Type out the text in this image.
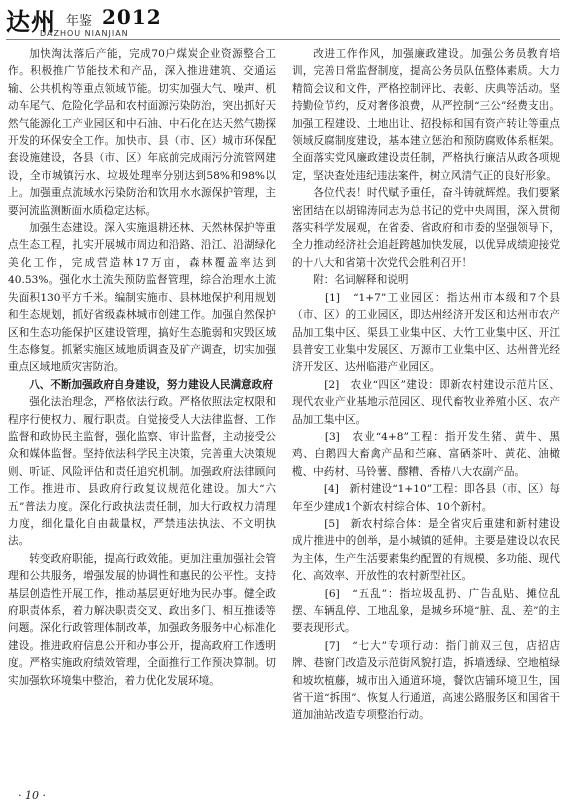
达州 年鉴 2012
DAZHOU NIANJIAN

加快淘汰落后产能，完成70户煤炭企业资源整合工作。积极推广节能技术和产品，深入推进建筑、交通运输、公共机构等重点领域节能。切实加强大气、噪声、机动车尾气、危险化学品和农村面源污染防治，突出抓好天然气能源化工产业园区和中石油、中石化在达天然气勘探开发的环保安全工作。加快市、县（市、区）城市环保配套设施建设，各县（市、区）年底前完成雨污分流管网建设，全市城镇污水、垃圾处理率分别达到58%和98%以上。加强重点流域水污染防治和饮用水水源保护管理，主要河流监测断面水质稳定达标。

加强生态建设。深入实施退耕还林、天然林保护等重点生态工程，扎实开展城市周边和沿路、沿江、沿湖绿化美化工作，完成营造林17万亩，森林覆盖率达到40.53%。强化水土流失预防监督管理，综合治理水土流失面积130平方千米。编制实施市、县林地保护利用规划和生态规划，抓好省级森林城市创建工作。加强自然保护区和生态功能保护区建设管理，搞好生态脆弱和灾毁区域生态修复。抓紧实施区域地质调查及矿产调查，切实加强重点区域地质灾害防治。

八、不断加强政府自身建设，努力建设人民满意政府

强化法治理念，严格依法行政。严格依照法定权限和程序行使权力、履行职责。自觉接受人大法律监督、工作监督和政协民主监督，强化监察、审计监督，主动接受公众和媒体监督。坚持依法科学民主决策，完善重大决策规则、听证、风险评估和责任追究机制。加强政府法律顾问工作。推进市、县政府行政复议规范化建设。加大“六五”普法力度。深化行政执法责任制，加大行政权力清理力度，细化量化自由裁量权，严禁违法执法、不文明执法。

转变政府职能，提高行政效能。更加注重加强社会管理和公共服务，增强发展的协调性和惠民的公平性。支持基层创造性开展工作，推动基层更好地为民办事。健全政府职责体系，着力解决职责交叉、政出多门、相互推诿等问题。深化行政管理体制改革，加强政务服务中心标准化建设。推进政府信息公开和办事公开，提高政府工作透明度。严格实施政府绩效管理，全面推行工作预决算制。切实加强软环境集中整治，着力优化发展环境。

改进工作作风，加强廉政建设。加强公务员教育培训，完善日常监督制度，提高公务员队伍整体素质。大力精简会议和文件，严格控制评比、表彰、庆典等活动。坚持勤俭节约，反对奢侈浪费，从严控制“三公”经费支出。加强工程建设、土地出让、招投标和国有资产转让等重点领域反腐制度建设，基本建立惩治和预防腐败体系框架。全面落实党风廉政建设责任制，严格执行廉洁从政各项规定，坚决查处违纪违法案件，树立风清气正的良好形象。

各位代表！时代赋予重任，奋斗铸就辉煌。我们要紧密团结在以胡锦涛同志为总书记的党中央周围，深入贯彻落实科学发展观，在省委、省政府和市委的坚强领导下，全力推动经济社会追赶跨越加快发展，以优异成绩迎接党的十八大和省第十次党代会胜利召开！

附：名词解释和说明

　[1]　 “1+7”工业园区：指达州市本级和7个县（市、区）的工业园区，即达州经济开发区和达州市农产品加工集中区、渠县工业集中区、大竹工业集中区、开江县普安工业集中发展区、万源市工业集中区、达州普光经济开发区、达州临港产业园区。

　[2]　 农业“四区”建设：即新农村建设示范片区、现代农业产业基地示范园区、现代畜牧业养殖小区、农产品加工集中区。

　[3]　 农业“4+8”工程：指开发生猪、黄牛、黑鸡、白鹅四大畜禽产品和苎麻、富硒茶叶、黄花、油橄榄、中药材、马铃薯、醪糟、香椿八大农副产品。

　[4]　 新村建设“1+10”工程：即各县（市、区）每年至少建成1个新农村综合体、10个新村。

　[5]　 新农村综合体：是全省灾后重建和新村建设成片推进中的创举，是小城镇的延伸。主要是建设以农民为主体，生产生活要素集约配置的有规模、多功能、现代化、高效率、开放性的农村新型社区。

　[6]　 “五乱”：指垃圾乱扔、广告乱贴、摊位乱摆、车辆乱停、工地乱象，是城乡环境“脏、乱、差”的主要表现形式。

　[7]　 “七大”专项行动：指门前双三包，店招店牌、巷窗门改造及示范街风貌打造，拆墙透绿、空地植绿和坡坎植藤，城市出入通道环境，餐饮店铺环境卫生，国省干道“拆围”、恢复人行通道，高速公路服务区和国省干道加油站改造专项整治行动。

· 10 ·
